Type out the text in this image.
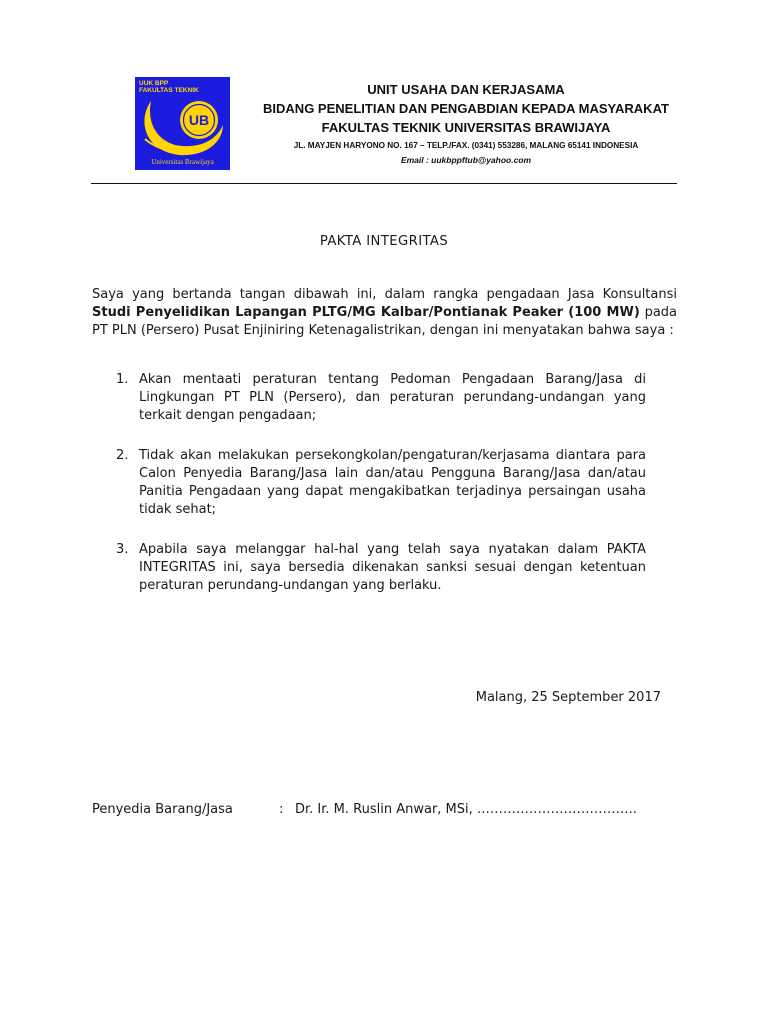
UUK BPP
FAKULTAS TEKNIK
UB
Universitas Brawijaya
UNIT USAHA DAN KERJASAMA
BIDANG PENELITIAN DAN PENGABDIAN KEPADA MASYARAKAT
FAKULTAS TEKNIK UNIVERSITAS BRAWIJAYA
JL. MAYJEN HARYONO NO. 167 – TELP./FAX. (0341) 553286, MALANG 65141 INDONESIA
Email : uukbppftub@yahoo.com
PAKTA INTEGRITAS
Saya yang bertanda tangan dibawah ini, dalam rangka pengadaan Jasa Konsultansi Studi Penyelidikan Lapangan PLTG/MG Kalbar/Pontianak Peaker (100 MW) pada PT PLN (Persero) Pusat Enjiniring Ketenagalistrikan, dengan ini menyatakan bahwa saya :
1. Akan mentaati peraturan tentang Pedoman Pengadaan Barang/Jasa di Lingkungan PT PLN (Persero), dan peraturan perundang-undangan yang terkait dengan pengadaan;
2. Tidak akan melakukan persekongkolan/pengaturan/kerjasama diantara para Calon Penyedia Barang/Jasa lain dan/atau Pengguna Barang/Jasa dan/atau Panitia Pengadaan yang dapat mengakibatkan terjadinya persaingan usaha tidak sehat;
3. Apabila saya melanggar hal-hal yang telah saya nyatakan dalam PAKTA INTEGRITAS ini, saya bersedia dikenakan sanksi sesuai dengan ketentuan peraturan perundang-undangan yang berlaku.
Malang, 25 September 2017
Penyedia Barang/Jasa	: Dr. Ir. M. Ruslin Anwar, MSi, ……………………………….
